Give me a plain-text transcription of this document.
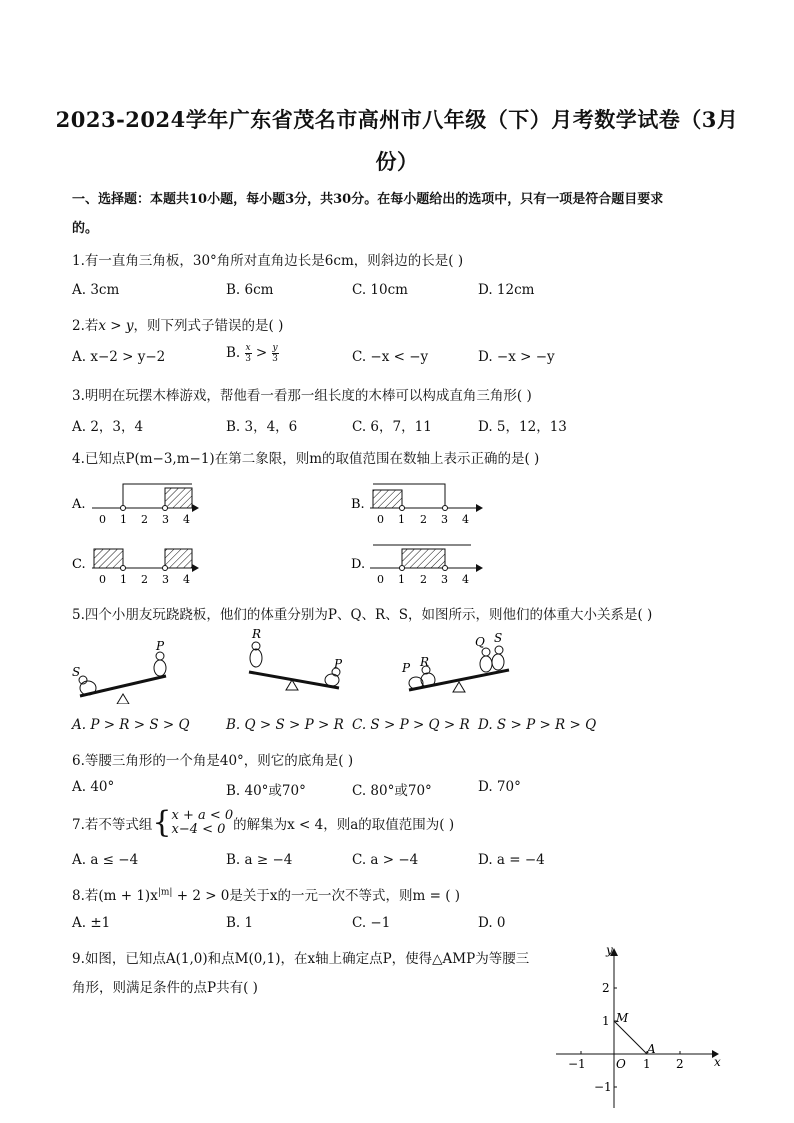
2023-2024学年广东省茂名市高州市八年级（下）月考数学试卷（3月
份）
一、选择题：本题共10小题，每小题3分，共30分。在每小题给出的选项中，只有一项是符合题目要求
的。
1.有一直角三角板，30°角所对直角边长是6cm，则斜边的长是( )
A. 3cm	B. 6cm	C. 10cm	D. 12cm
2.若x > y，则下列式子错误的是( )
A. x−2 > y−2	B. $\frac{x}{3} > \frac{y}{3}$	C. −x < −y	D. −x > −y
3.明明在玩摆木棒游戏，帮他看一看那一组长度的木棒可以构成直角三角形( )
A. 2，3，4	B. 3，4，6	C. 6，7，11	D. 5，12，13
4.已知点P(m−3,m−1)在第二象限，则m的取值范围在数轴上表示正确的是( )
A.
0 1 2 3 4
B.
0 1 2 3 4
C.
0 1 2 3 4
D.
0 1 2 3 4
5.四个小朋友玩跷跷板，他们的体重分别为P、Q、R、S，如图所示，则他们的体重大小关系是( )
S
P
R
P	P R
Q S
A. P > R > S > Q	B. Q > S > P > R C. S > P > Q > R D. S > P > R > Q
6.等腰三角形的一个角是40°，则它的底角是( )
A. 40°	B. 40°或70°	C. 80°或70°	D. 70°
7.若不等式组 { x + a < 0
x−4 < 0 的解集为x < 4，则a的取值范围为( )
A. a ≤ −4	B. a ≥ −4	C. a > −4	D. a = −4
8.若$(m + 1)x^{|m|} + 2 > 0$是关于x的一元一次不等式，则m = ( )
A. ±1	B. 1	C. −1	D. 0
9.如图，已知点A(1,0)和点M(0,1)，在x轴上确定点P，使得△AMP为等腰三
角形，则满足条件的点P共有( )
x
y
O
A
M
−1	1 2
2
1
−1
